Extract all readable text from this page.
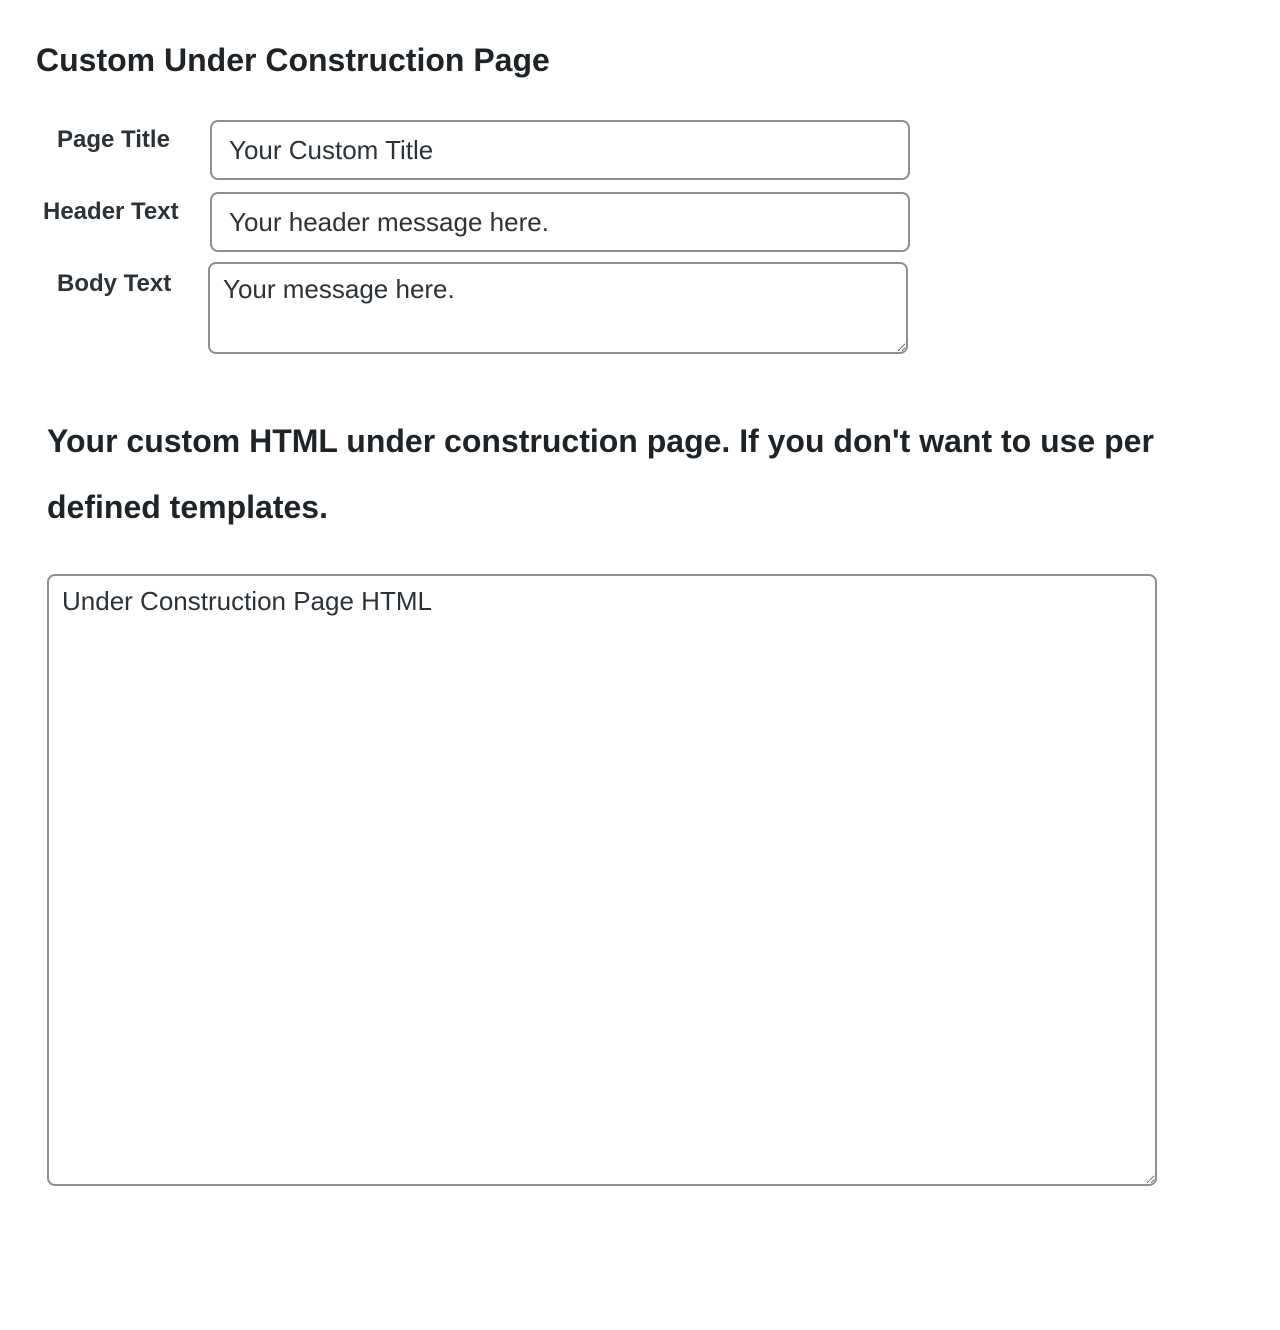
Custom Under Construction Page
Page Title
Your Custom Title
Header Text
Your header message here.
Body Text
Your message here.

Your custom HTML under construction page. If you don't want to use per defined templates.

Under Construction Page HTML
